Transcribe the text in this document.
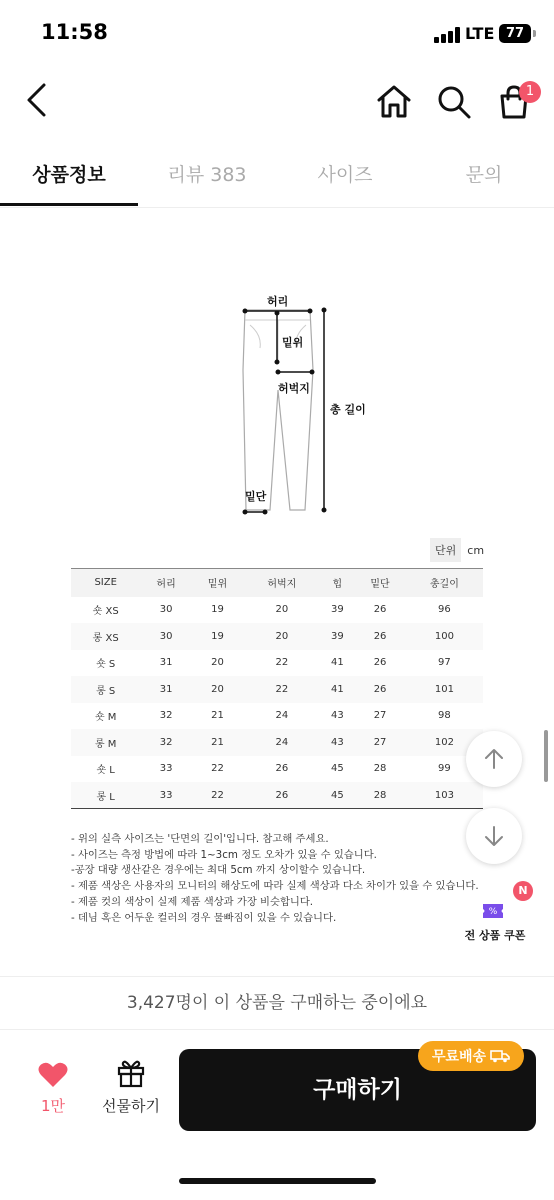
11:58	LTE 77
1
상품정보	리뷰 383	사이즈	문의
허리
밑위
허벅지
총 길이
밑단
단위	cm
SIZE	허리	밑위	허벅지	힙	밑단	총길이
숏 XS	30	19	20	39	26	96
롱 XS	30	19	20	39	26	100
숏 S	31	20	22	41	26	97
롱 S	31	20	22	41	26	101
숏 M	32	21	24	43	27	98
롱 M	32	21	24	43	27	102
숏 L	33	22	26	45	28	99
롱 L	33	22	26	45	28	103
- 위의 실측 사이즈는 '단면의 길이'입니다. 참고해 주세요.
- 사이즈는 측정 방법에 따라 1~3cm 정도 오차가 있을 수 있습니다.
-공장 대량 생산같은 경우에는 최대 5cm 까지 상이할수 있습니다.
- 제품 색상은 사용자의 모니터의 해상도에 따라 실제 색상과 다소 차이가 있을 수 있습니다.
- 제품 컷의 색상이 실제 제품 색상과 가장 비슷합니다.
- 데님 혹은 어두운 컬러의 경우 물빠짐이 있을 수 있습니다.	%
전 상품 쿠폰
N
3,427명이 이 상품을 구매하는 중이에요
1만	선물하기
구매하기
무료배송
